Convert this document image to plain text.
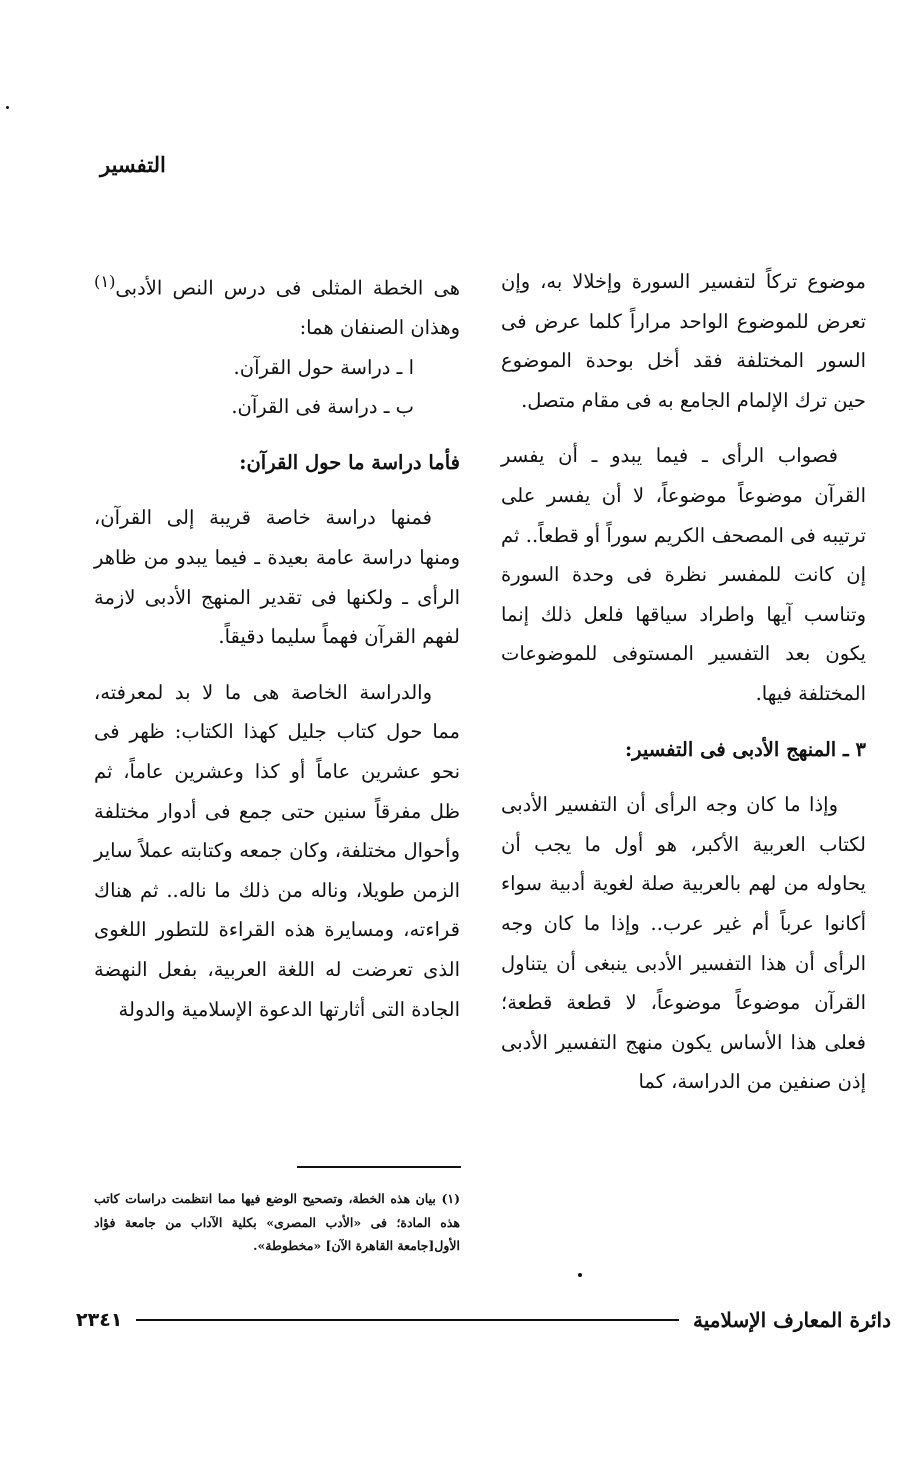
التفسير

موضوع تركاً لتفسير السورة وإخلالا به، وإن تعرض للموضوع الواحد مراراً كلما عرض فى السور المختلفة فقد أخل بوحدة الموضوع حين ترك الإلمام الجامع به فى مقام متصل.

فصواب الرأى ـ فيما يبدو ـ أن يفسر القرآن موضوعاً موضوعاً، لا أن يفسر على ترتيبه فى المصحف الكريم سوراً أو قطعاً.. ثم إن كانت للمفسر نظرة فى وحدة السورة وتناسب آيها واطراد سياقها فلعل ذلك إنما يكون بعد التفسير المستوفى للموضوعات المختلفة فيها.

٣ ـ المنهج الأدبى فى التفسير:

وإذا ما كان وجه الرأى أن التفسير الأدبى لكتاب العربية الأكبر، هو أول ما يجب أن يحاوله من لهم بالعربية صلة لغوية أدبية سواء أكانوا عرباً أم غير عرب.. وإذا ما كان وجه الرأى أن هذا التفسير الأدبى ينبغى أن يتناول القرآن موضوعاً موضوعاً، لا قطعة قطعة؛ فعلى هذا الأساس يكون منهج التفسير الأدبى إذن صنفين من الدراسة، كما

هى الخطة المثلى فى درس النص الأدبى$^{(١)}$ وهذان الصنفان هما:

ا ـ دراسة حول القرآن.

ب ـ دراسة فى القرآن.

فأما دراسة ما حول القرآن:

فمنها دراسة خاصة قريبة إلى القرآن، ومنها دراسة عامة بعيدة ـ فيما يبدو من ظاهر الرأى ـ ولكنها فى تقدير المنهج الأدبى لازمة لفهم القرآن فهماً سليما دقيقاً.

والدراسة الخاصة هى ما لا بد لمعرفته، مما حول كتاب جليل كهذا الكتاب: ظهر فى نحو عشرين عاماً أو كذا وعشرين عاماً، ثم ظل مفرقاً سنين حتى جمع فى أدوار مختلفة وأحوال مختلفة، وكان جمعه وكتابته عملاً ساير الزمن طويلا، وناله من ذلك ما ناله.. ثم هناك قراءته، ومسايرة هذه القراءة للتطور اللغوى الذى تعرضت له اللغة العربية، بفعل النهضة الجادة التى أثارتها الدعوة الإسلامية والدولة

(١) بيان هذه الخطة، وتصحيح الوضع فيها مما انتظمت دراسات كاتب هذه المادة؛ فى «الأدب المصرى» بكلية الآداب من جامعة فؤاد الأول[جامعة القاهرة الآن] «مخطوطة».
٢٣٤١	دائرة المعارف الإسلامية
